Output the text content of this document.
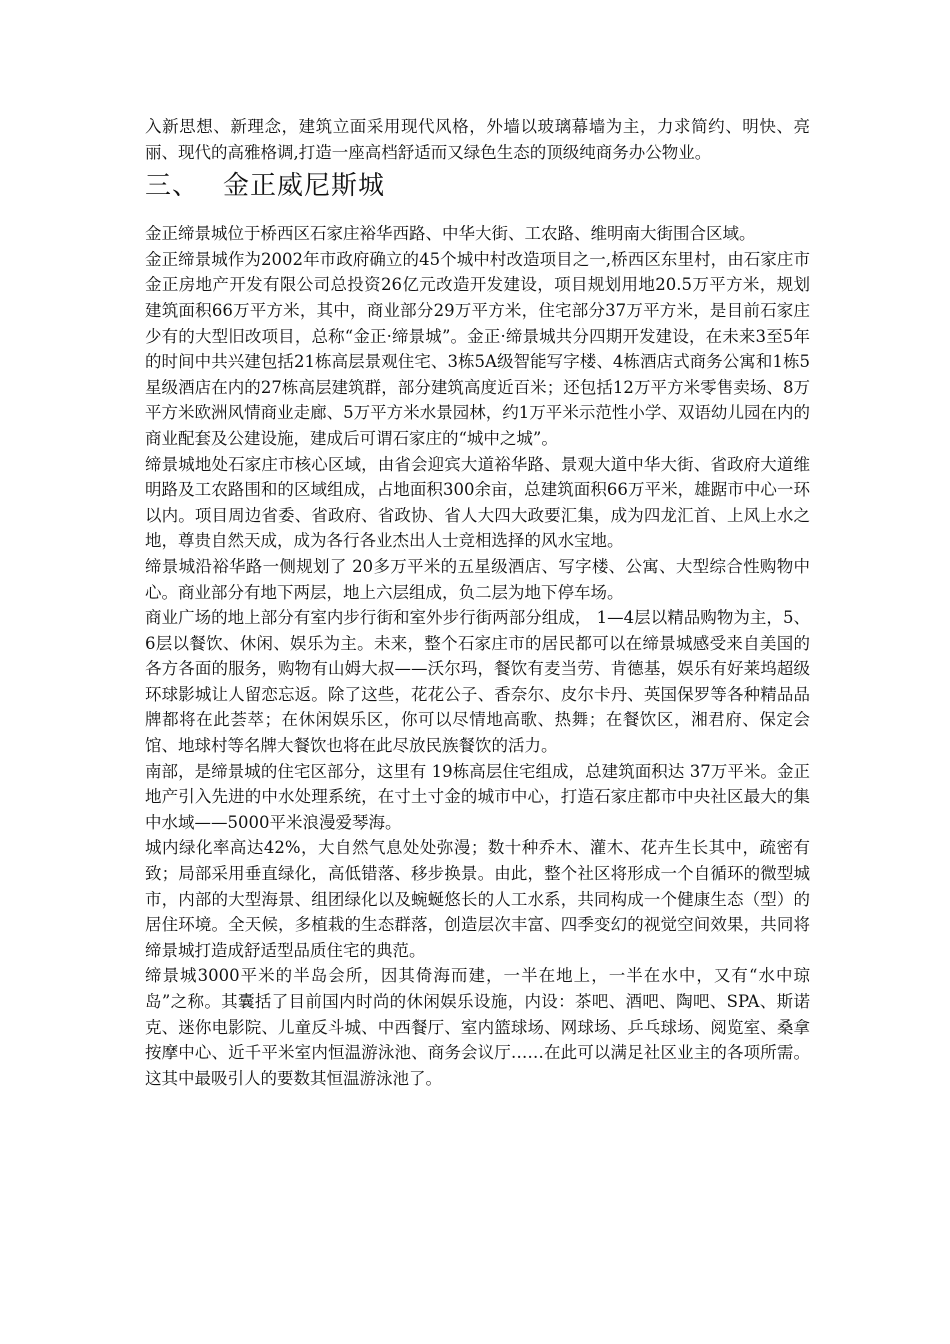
入新思想、新理念，建筑立面采用现代风格，外墙以玻璃幕墙为主，力求简约、明快、亮丽、现代的高雅格调,打造一座高档舒适而又绿色生态的顶级纯商务办公物业。

三、 金正威尼斯城

金正缔景城位于桥西区石家庄裕华西路、中华大街、工农路、维明南大街围合区域。

金正缔景城作为2002年市政府确立的45个城中村改造项目之一,桥西区东里村，由石家庄市金正房地产开发有限公司总投资26亿元改造开发建设，项目规划用地20.5万平方米，规划建筑面积66万平方米，其中，商业部分29万平方米，住宅部分37万平方米，是目前石家庄少有的大型旧改项目，总称“金正·缔景城”。金正·缔景城共分四期开发建设，在未来3至5年的时间中共兴建包括21栋高层景观住宅、3栋5A级智能写字楼、4栋酒店式商务公寓和1栋5星级酒店在内的27栋高层建筑群，部分建筑高度近百米；还包括12万平方米零售卖场、8万平方米欧洲风情商业走廊、5万平方米水景园林，约1万平米示范性小学、双语幼儿园在内的商业配套及公建设施，建成后可谓石家庄的“城中之城”。

缔景城地处石家庄市核心区域，由省会迎宾大道裕华路、景观大道中华大街、省政府大道维明路及工农路围和的区域组成，占地面积300余亩，总建筑面积66万平米，雄踞市中心一环以内。项目周边省委、省政府、省政协、省人大四大政要汇集，成为四龙汇首、上风上水之地，尊贵自然天成，成为各行各业杰出人士竞相选择的风水宝地。

缔景城沿裕华路一侧规划了 20多万平米的五星级酒店、写字楼、公寓、大型综合性购物中心。商业部分有地下两层，地上六层组成，负二层为地下停车场。

商业广场的地上部分有室内步行街和室外步行街两部分组成， 1—4层以精品购物为主，5、6层以餐饮、休闲、娱乐为主。未来，整个石家庄市的居民都可以在缔景城感受来自美国的各方各面的服务，购物有山姆大叔——沃尔玛，餐饮有麦当劳、肯德基，娱乐有好莱坞超级环球影城让人留恋忘返。除了这些，花花公子、香奈尔、皮尔卡丹、英国保罗等各种精品品牌都将在此荟萃；在休闲娱乐区，你可以尽情地高歌、热舞；在餐饮区，湘君府、保定会馆、地球村等名牌大餐饮也将在此尽放民族餐饮的活力。

南部，是缔景城的住宅区部分，这里有 19栋高层住宅组成，总建筑面积达 37万平米。金正地产引入先进的中水处理系统，在寸土寸金的城市中心，打造石家庄都市中央社区最大的集中水域——5000平米浪漫爱琴海。

城内绿化率高达42%，大自然气息处处弥漫；数十种乔木、灌木、花卉生长其中，疏密有致；局部采用垂直绿化，高低错落、移步换景。由此，整个社区将形成一个自循环的微型城市，内部的大型海景、组团绿化以及蜿蜒悠长的人工水系，共同构成一个健康生态（型）的居住环境。全天候，多植栽的生态群落，创造层次丰富、四季变幻的视觉空间效果，共同将缔景城打造成舒适型品质住宅的典范。

缔景城3000平米的半岛会所，因其倚海而建，一半在地上，一半在水中，又有“水中琼岛”之称。其囊括了目前国内时尚的休闲娱乐设施，内设：茶吧、酒吧、陶吧、SPA、斯诺克、迷你电影院、儿童反斗城、中西餐厅、室内篮球场、网球场、乒乓球场、阅览室、桑拿按摩中心、近千平米室内恒温游泳池、商务会议厅……在此可以满足社区业主的各项所需。这其中最吸引人的要数其恒温游泳池了。
